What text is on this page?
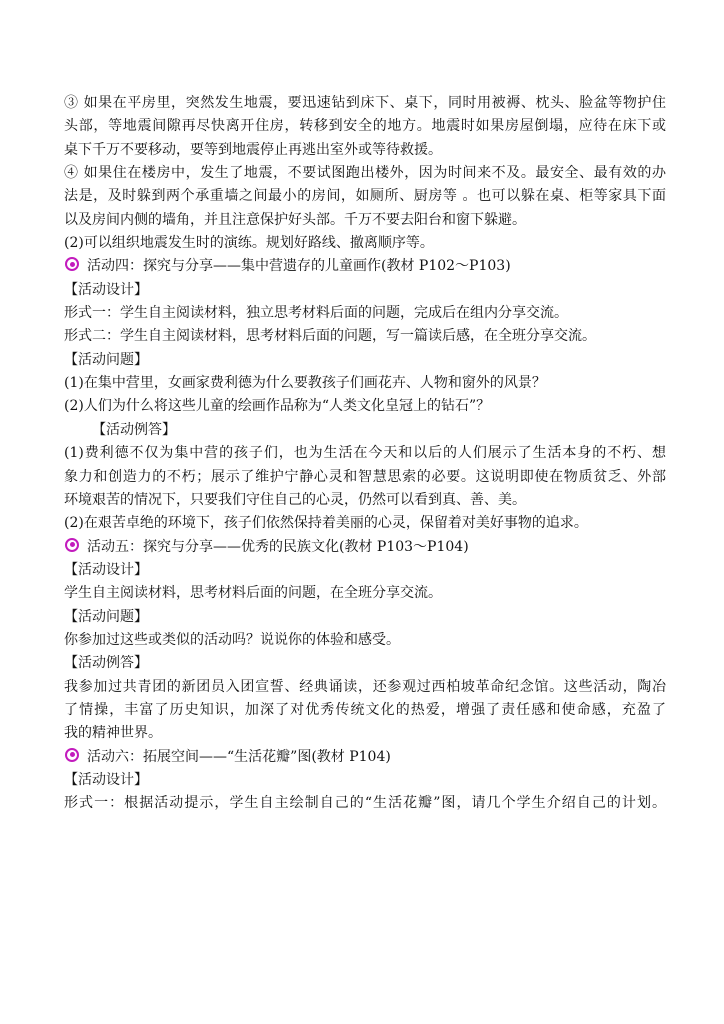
③ 如果在平房里，突然发生地震，要迅速钻到床下、桌下，同时用被褥、枕头、脸盆等物护住
头部，等地震间隙再尽快离开住房，转移到安全的地方。地震时如果房屋倒塌，应待在床下或
桌下千万不要移动，要等到地震停止再逃出室外或等待救援。
④ 如果住在楼房中，发生了地震，不要试图跑出楼外，因为时间来不及。最安全、最有效的办
法是，及时躲到两个承重墙之间最小的房间，如厕所、厨房等 。也可以躲在桌、柜等家具下面
以及房间内侧的墙角，并且注意保护好头部。千万不要去阳台和窗下躲避。
(2)可以组织地震发生时的演练。规划好路线、撤离顺序等。
活动四：探究与分享——集中营遗存的儿童画作(教材 P102～P103)
【活动设计】
形式一：学生自主阅读材料，独立思考材料后面的问题，完成后在组内分享交流。
形式二：学生自主阅读材料，思考材料后面的问题，写一篇读后感，在全班分享交流。
【活动问题】
(1)在集中营里，女画家费利德为什么要教孩子们画花卉、人物和窗外的风景？
(2)人们为什么将这些儿童的绘画作品称为“人类文化皇冠上的钻石”？
【活动例答】
(1)费利德不仅为集中营的孩子们，也为生活在今天和以后的人们展示了生活本身的不朽、想
象力和创造力的不朽；展示了维护宁静心灵和智慧思索的必要。这说明即使在物质贫乏、外部
环境艰苦的情况下，只要我们守住自己的心灵，仍然可以看到真、善、美。
(2)在艰苦卓绝的环境下，孩子们依然保持着美丽的心灵，保留着对美好事物的追求。
活动五：探究与分享——优秀的民族文化(教材 P103～P104)
【活动设计】
学生自主阅读材料，思考材料后面的问题，在全班分享交流。
【活动问题】
你参加过这些或类似的活动吗？说说你的体验和感受。
【活动例答】
我参加过共青团的新团员入团宣誓、经典诵读，还参观过西柏坡革命纪念馆。这些活动，陶冶
了情操，丰富了历史知识，加深了对优秀传统文化的热爱，增强了责任感和使命感，充盈了
我的精神世界。
活动六：拓展空间——“生活花瓣”图(教材 P104)
【活动设计】
形式一：根据活动提示，学生自主绘制自己的“生活花瓣”图，请几个学生介绍自己的计划。
